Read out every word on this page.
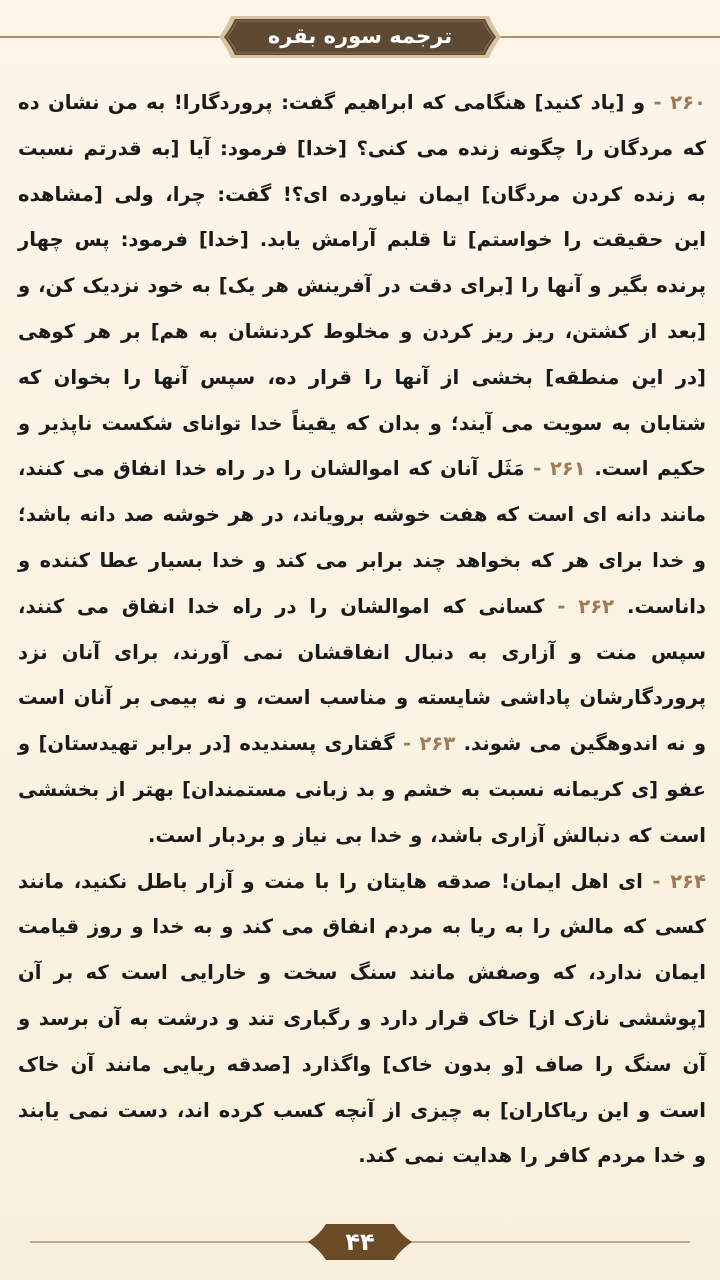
ترجمه سوره بقره
۲۶۰ - و [یاد کنید] هنگامی که ابراهیم گفت: پروردگارا! به من نشان ده که مردگان را چگونه زنده می کنی؟ [خدا] فرمود: آیا [به قدرتم نسبت به زنده کردن مردگان] ایمان نیاورده ای؟! گفت: چرا، ولی [مشاهده این حقیقت را خواستم] تا قلبم آرامش یابد. [خدا] فرمود: پس چهار پرنده بگیر و آنها را [برای دقت در آفرینش هر یک] به خود نزدیک کن، و [بعد از کشتن، ریز ریز کردن و مخلوط کردنشان به هم] بر هر کوهی [در این منطقه] بخشی از آنها را قرار ده، سپس آنها را بخوان که شتابان به سویت می آیند؛ و بدان که یقیناً خدا توانای شکست ناپذیر و حکیم است. ۲۶۱ - مَثَل آنان که اموالشان را در راه خدا انفاق می کنند، مانند دانه ای است که هفت خوشه برویاند، در هر خوشه صد دانه باشد؛ و خدا برای هر که بخواهد چند برابر می کند و خدا بسیار عطا کننده و داناست. ۲۶۲ - کسانی که اموالشان را در راه خدا انفاق می کنند، سپس منت و آزاری به دنبال انفاقشان نمی آورند، برای آنان نزد پروردگارشان پاداشی شایسته و مناسب است، و نه بیمی بر آنان است و نه اندوهگین می شوند. ۲۶۳ - گفتاری پسندیده [در برابر تهیدستان] و عفو [ی کریمانه نسبت به خشم و بد زبانی مستمندان] بهتر از بخششی است که دنبالش آزاری باشد، و خدا بی نیاز و بردبار است.
۲۶۴ - ای اهل ایمان! صدقه هایتان را با منت و آزار باطل نکنید، مانند کسی که مالش را به ریا به مردم انفاق می کند و به خدا و روز قیامت ایمان ندارد، که وصفش مانند سنگ سخت و خارایی است که بر آن [پوششی نازک از] خاک قرار دارد و رگباری تند و درشت به آن برسد و آن سنگ را صاف [و بدون خاک] واگذارد [صدقه ریایی مانند آن خاک است و این ریاکاران] به چیزی از آنچه کسب کرده اند، دست نمی یابند و خدا مردم کافر را هدایت نمی کند.
۴۴
